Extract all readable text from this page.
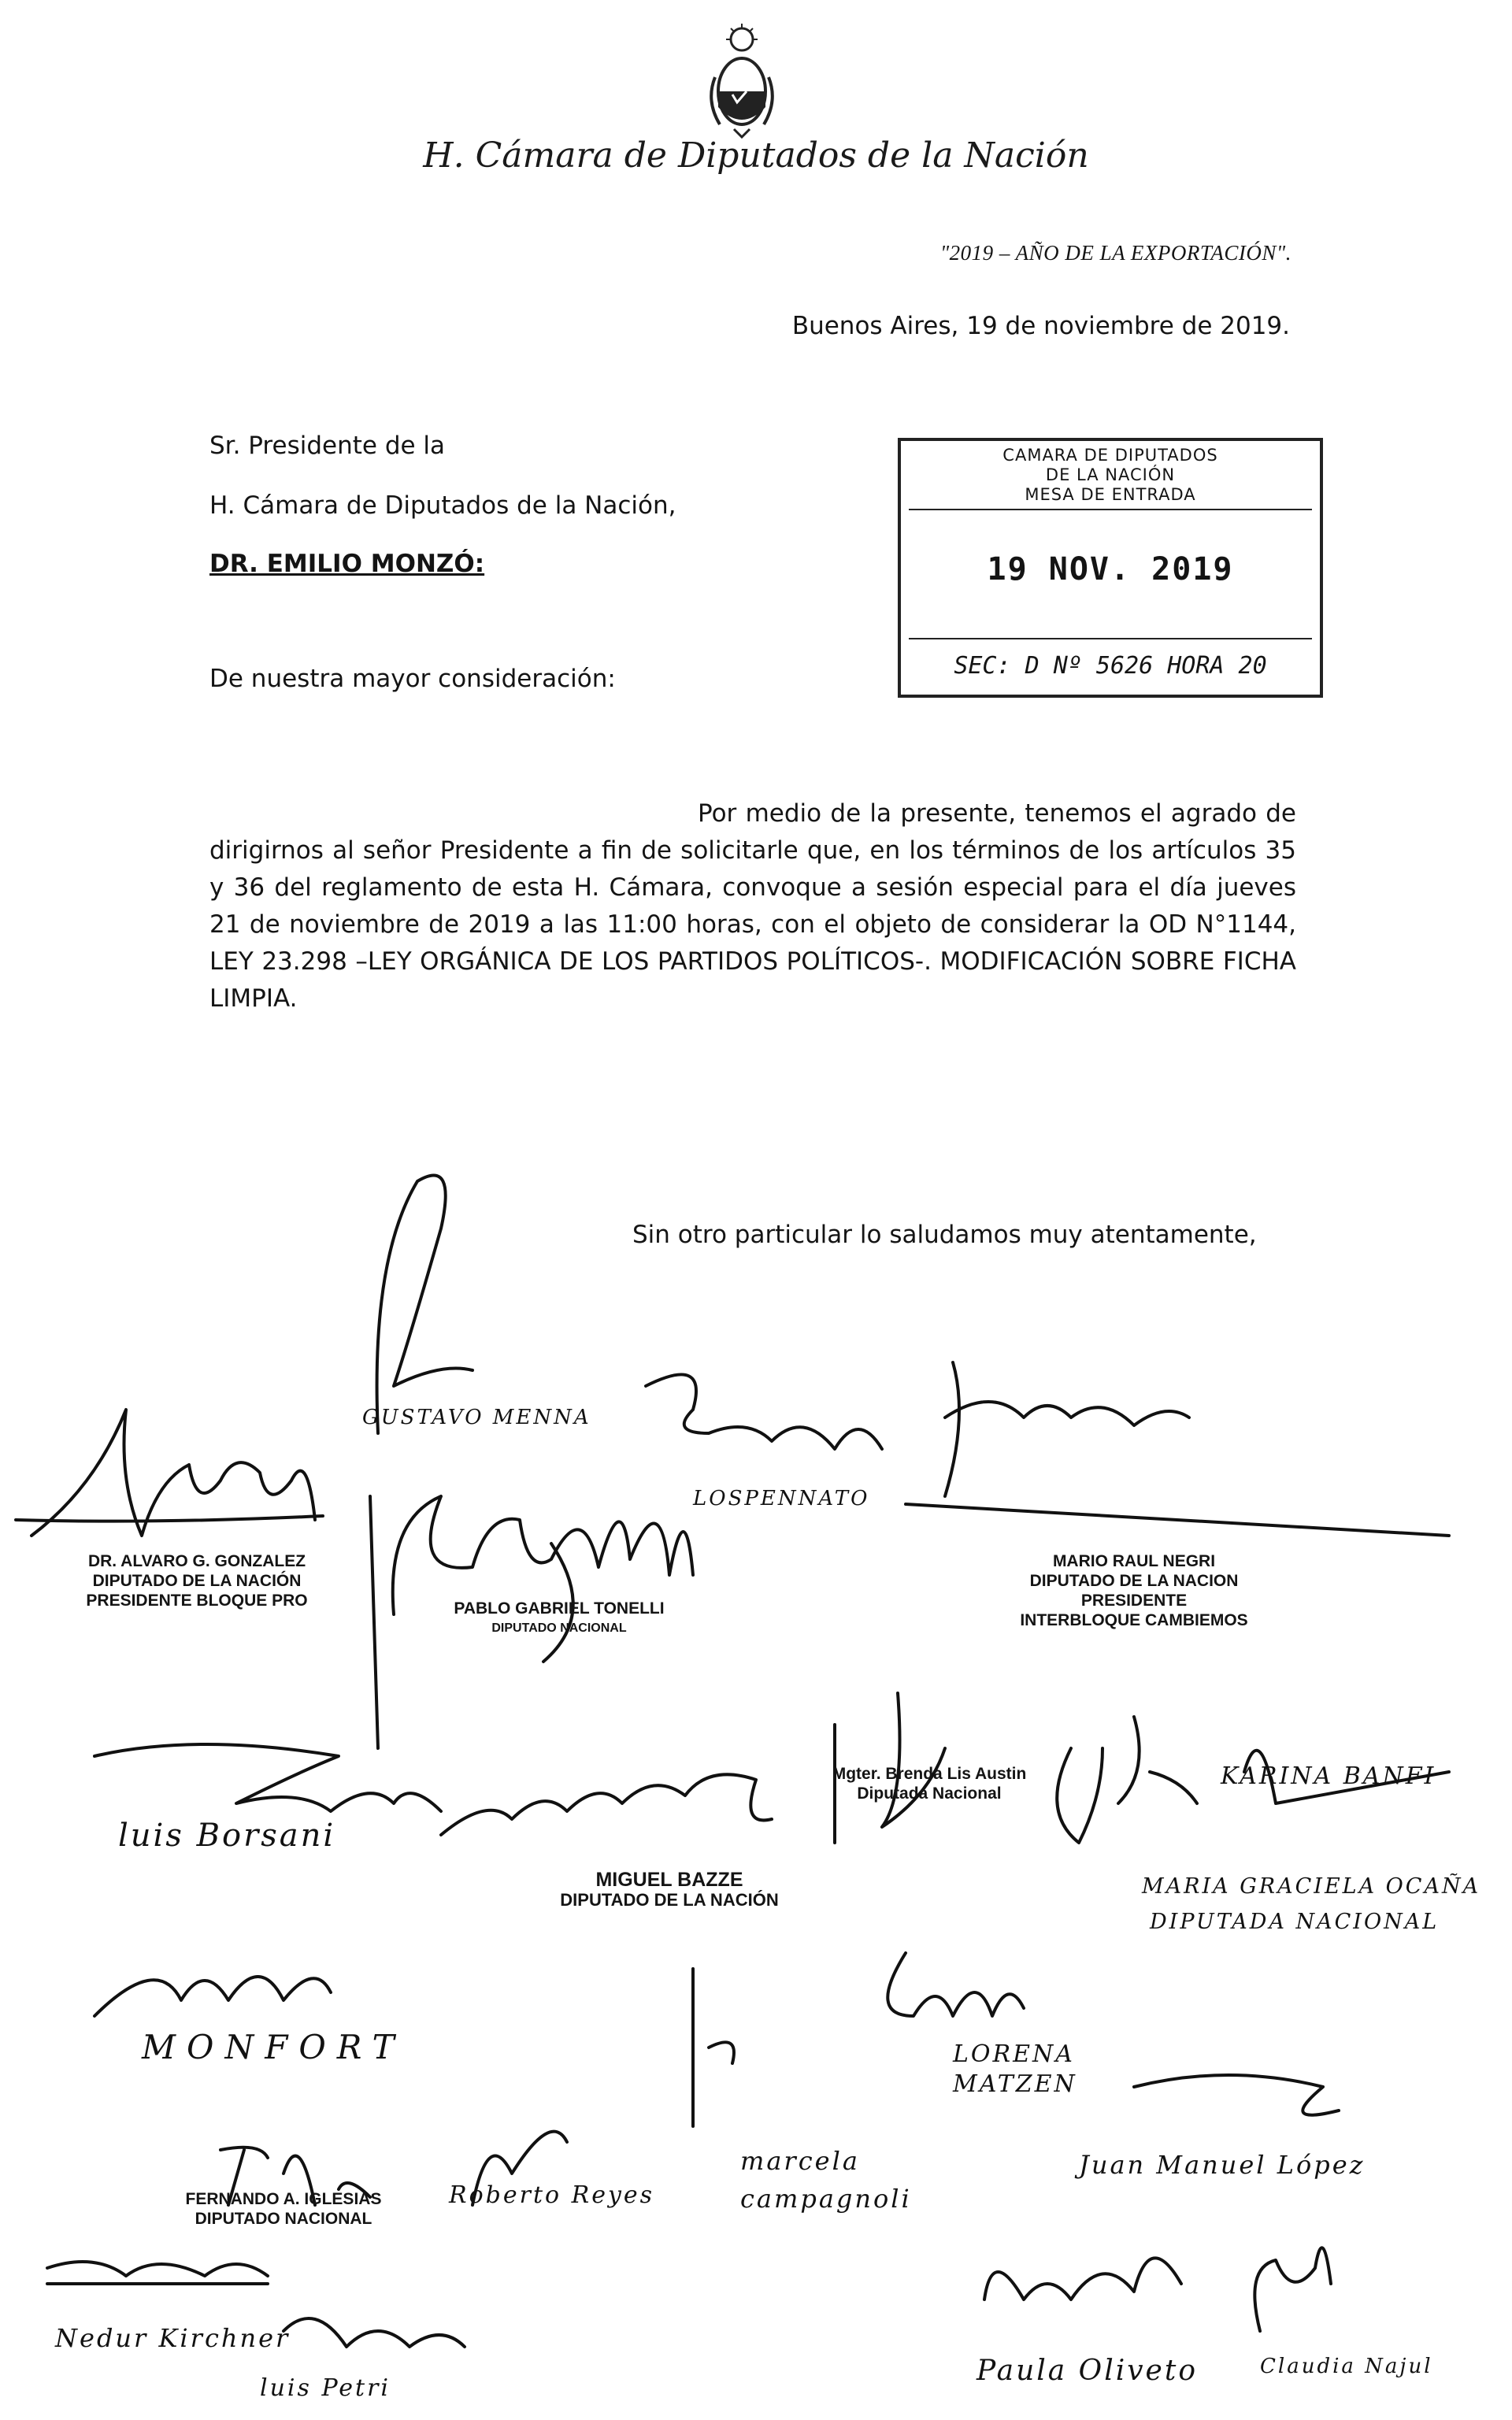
H. Cámara de Diputados de la Nación
"2019 – AÑO DE LA EXPORTACIÓN".
Buenos Aires, 19 de noviembre de 2019.
Sr. Presidente de la
H. Cámara de Diputados de la Nación,
DR. EMILIO MONZÓ:
De nuestra mayor consideración:
CAMARA DE DIPUTADOS
DE LA NACIÓN
MESA DE ENTRADA
19 NOV. 2019
SEC: D Nº 5626 HORA 20
Por medio de la presente, tenemos el agrado de dirigirnos al señor Presidente a fin de solicitarle que, en los términos de los artículos 35 y 36 del reglamento de esta H. Cámara, convoque a sesión especial para el día jueves 21 de noviembre de 2019 a las 11:00 horas, con el objeto de considerar la OD N°1144, LEY 23.298 –LEY ORGÁNICA DE LOS PARTIDOS POLÍTICOS-. MODIFICACIÓN SOBRE FICHA LIMPIA.
Sin otro particular lo saludamos muy atentamente,
DR. ALVARO G. GONZALEZ
DIPUTADO DE LA NACIÓN
PRESIDENTE BLOQUE PRO	PABLO GABRIEL TONELLI
DIPUTADO NACIONAL
MARIO RAUL NEGRI
DIPUTADO DE LA NACION
PRESIDENTE
INTERBLOQUE CAMBIEMOS
Mgter. Brenda Lis Austin
Diputada Nacional
MIGUEL BAZZE
DIPUTADO DE LA NACIÓN
FERNANDO A. IGLESIAS
DIPUTADO NACIONAL
GUSTAVO MENNA
LOSPENNATO
luis Borsani
KARINA BANFI
MARIA GRACIELA OCAÑA
DIPUTADA NACIONAL
MONFORT	LORENA MATZEN
Roberto Reyes
marcela campagnoli
Juan Manuel López
Nedur Kirchner
luis Petri
Paula Oliveto	Claudia Najul
